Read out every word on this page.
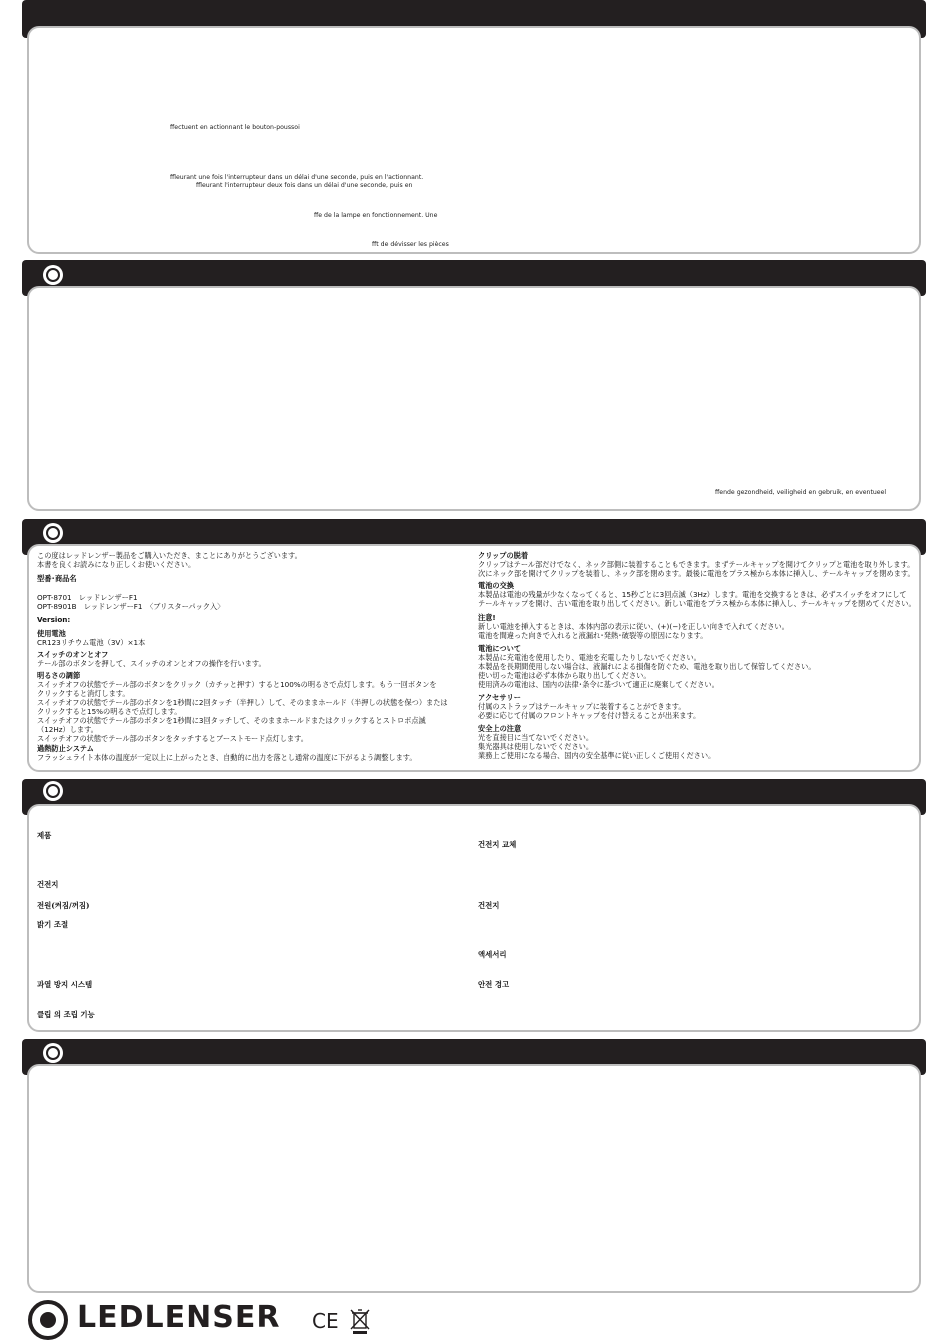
ffectuent en actionnant le bouton-poussoi
ffleurant une fois l'interrupteur dans un délai d'une seconde, puis en l'actionnant.
ffleurant l'interrupteur deux fois dans un délai d'une seconde, puis en
ffe de la lampe en fonctionnement. Une
fft de dévisser les pièces
ffende gezondheid, veiligheid en gebruik, en eventueel
この度はレッドレンザー製品をご購入いただき、まことにありがとうございます。
本書を良くお読みになり正しくお使いください。
型番･商品名
OPT-8701　レッドレンザーF1
OPT-8901B　レッドレンザーF1　〈ブリスターパック入〉
Version:
使用電池
CR123リチウム電池（3V）×1本
スイッチのオンとオフ
テール部のボタンを押して、スイッチのオンとオフの操作を行います。
明るさの調節
スイッチオフの状態でテール部のボタンをクリック（カチッと押す）すると100%の明るさで点灯します。もう一回ボタンを
クリックすると消灯します。
スイッチオフの状態でテール部のボタンを1秒間に2回タッチ（半押し）して、そのままホールド（半押しの状態を保つ）または
クリックすると15%の明るさで点灯します。
スイッチオフの状態でテール部のボタンを1秒間に3回タッチして、そのままホールドまたはクリックするとストロボ点滅
（12Hz）します。
スイッチオフの状態でテール部のボタンをタッチするとブーストモード点灯します。
過熱防止システム
フラッシュライト本体の温度が一定以上に上がったとき、自動的に出力を落とし通常の温度に下がるよう調整します。
クリップの脱着
クリップはテール部だけでなく、ネック部側に装着することもできます。まずテールキャップを開けてクリップと電池を取り外します。
次にネック部を開けてクリップを装着し、ネック部を閉めます。最後に電池をプラス極から本体に挿入し、テールキャップを閉めます。
電池の交換
本製品は電池の残量が少なくなってくると、15秒ごとに3回点滅（3Hz）します。電池を交換するときは、必ずスイッチをオフにして
テールキャップを開け、古い電池を取り出してください。新しい電池をプラス極から本体に挿入し、テールキャップを閉めてください。
注意!
新しい電池を挿入するときは、本体内部の表示に従い、(+)(−)を正しい向きで入れてください。
電池を間違った向きで入れると液漏れ･発熱･破裂等の原因になります。
電池について
本製品に充電池を使用したり、電池を充電したりしないでください。
本製品を長期間使用しない場合は、液漏れによる損傷を防ぐため、電池を取り出して保管してください。
使い切った電池は必ず本体から取り出してください。
使用済みの電池は、国内の法律･条令に基づいて適正に廃棄してください。
アクセサリー
付属のストラップはテールキャップに装着することができます。
必要に応じて付属のフロントキャップを付け替えることが出来ます。
安全上の注意
光を直接目に当てないでください。
集光器具は使用しないでください。
業務上ご使用になる場合、国内の安全基準に従い正しくご使用ください。
제품
건전지
전원(켜짐/꺼짐)
밝기 조절
과열 방지 시스템
클립 의 조립 기능
건전지 교체
건전지
액세서리
안전 경고
LEDLENSER CE
